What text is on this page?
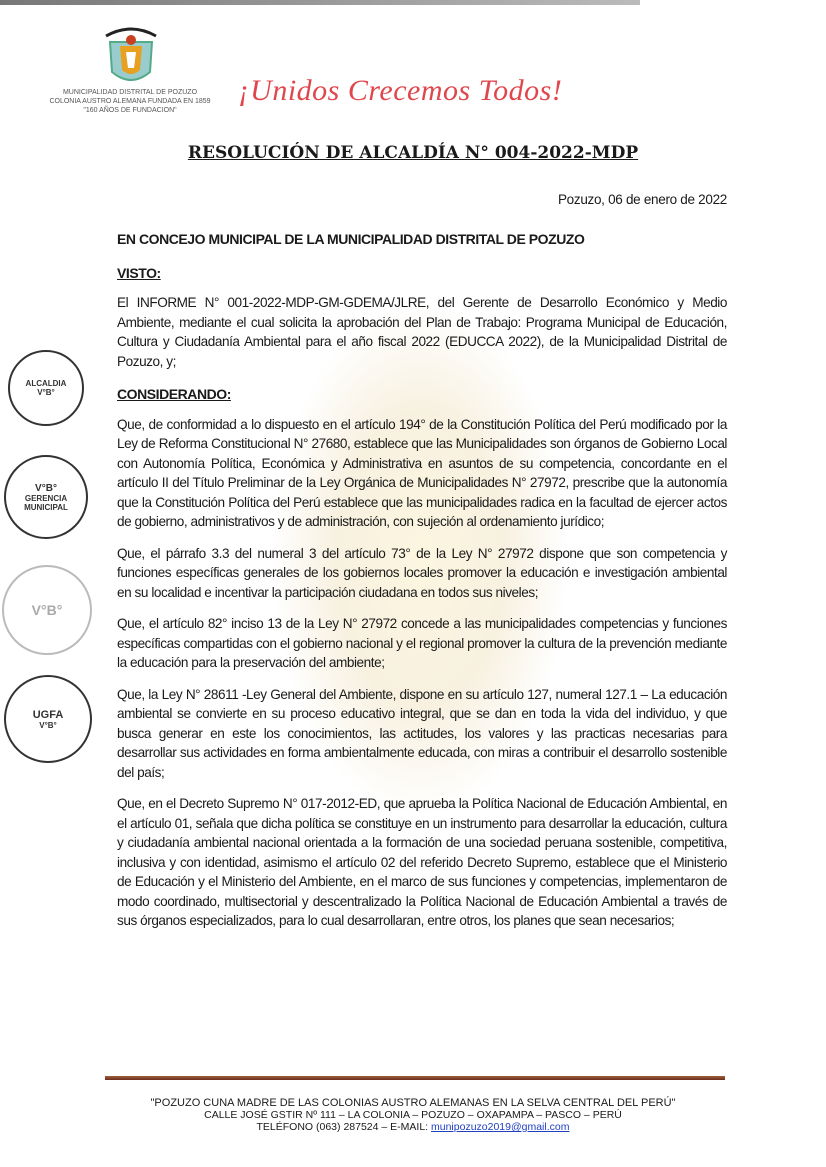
MUNICIPALIDAD DISTRITAL DE POZUZO
COLONIA AUSTRO ALEMANA FUNDADA EN 1859
"160 AÑOS DE FUNDACION"
¡Unidos Crecemos Todos!
RESOLUCIÓN DE ALCALDÍA N° 004-2022-MDP
Pozuzo, 06 de enero de 2022

EN CONCEJO MUNICIPAL DE LA MUNICIPALIDAD DISTRITAL DE POZUZO

VISTO:

El INFORME N° 001-2022-MDP-GM-GDEMA/JLRE, del Gerente de Desarrollo Económico y Medio Ambiente, mediante el cual solicita la aprobación del Plan de Trabajo: Programa Municipal de Educación, Cultura y Ciudadanía Ambiental para el año fiscal 2022 (EDUCCA 2022), de la Municipalidad Distrital de Pozuzo, y;

CONSIDERANDO:

Que, de conformidad a lo dispuesto en el artículo 194° de la Constitución Política del Perú modificado por la Ley de Reforma Constitucional N° 27680, establece que las Municipalidades son órganos de Gobierno Local con Autonomía Política, Económica y Administrativa en asuntos de su competencia, concordante en el artículo II del Título Preliminar de la Ley Orgánica de Municipalidades N° 27972, prescribe que la autonomía que la Constitución Política del Perú establece que las municipalidades radica en la facultad de ejercer actos de gobierno, administrativos y de administración, con sujeción al ordenamiento jurídico;

Que, el párrafo 3.3 del numeral 3 del artículo 73° de la Ley N° 27972 dispone que son competencia y funciones específicas generales de los gobiernos locales promover la educación e investigación ambiental en su localidad e incentivar la participación ciudadana en todos sus niveles;

Que, el artículo 82° inciso 13 de la Ley N° 27972 concede a las municipalidades competencias y funciones específicas compartidas con el gobierno nacional y el regional promover la cultura de la prevención mediante la educación para la preservación del ambiente;

Que, la Ley N° 28611 -Ley General del Ambiente, dispone en su artículo 127, numeral 127.1 – La educación ambiental se convierte en su proceso educativo integral, que se dan en toda la vida del individuo, y que busca generar en este los conocimientos, las actitudes, los valores y las practicas necesarias para desarrollar sus actividades en forma ambientalmente educada, con miras a contribuir el desarrollo sostenible del país;

Que, en el Decreto Supremo N° 017-2012-ED, que aprueba la Política Nacional de Educación Ambiental, en el artículo 01, señala que dicha política se constituye en un instrumento para desarrollar la educación, cultura y ciudadanía ambiental nacional orientada a la formación de una sociedad peruana sostenible, competitiva, inclusiva y con identidad, asimismo el artículo 02 del referido Decreto Supremo, establece que el Ministerio de Educación y el Ministerio del Ambiente, en el marco de sus funciones y competencias, implementaron de modo coordinado, multisectorial y descentralizado la Política Nacional de Educación Ambiental a través de sus órganos especializados, para lo cual desarrollaran, entre otros, los planes que sean necesarios;

ALCALDIA
V°B°
V°B°
GERENCIA MUNICIPAL
V°B°
UGFA
V°B°
"POZUZO CUNA MADRE DE LAS COLONIAS AUSTRO ALEMANAS EN LA SELVA CENTRAL DEL PERÚ"
CALLE JOSÉ GSTIR Nº 111 – LA COLONIA – POZUZO – OXAPAMPA – PASCO – PERÚ
TELÉFONO (063) 287524 – E-MAIL: munipozuzo2019@gmail.com
